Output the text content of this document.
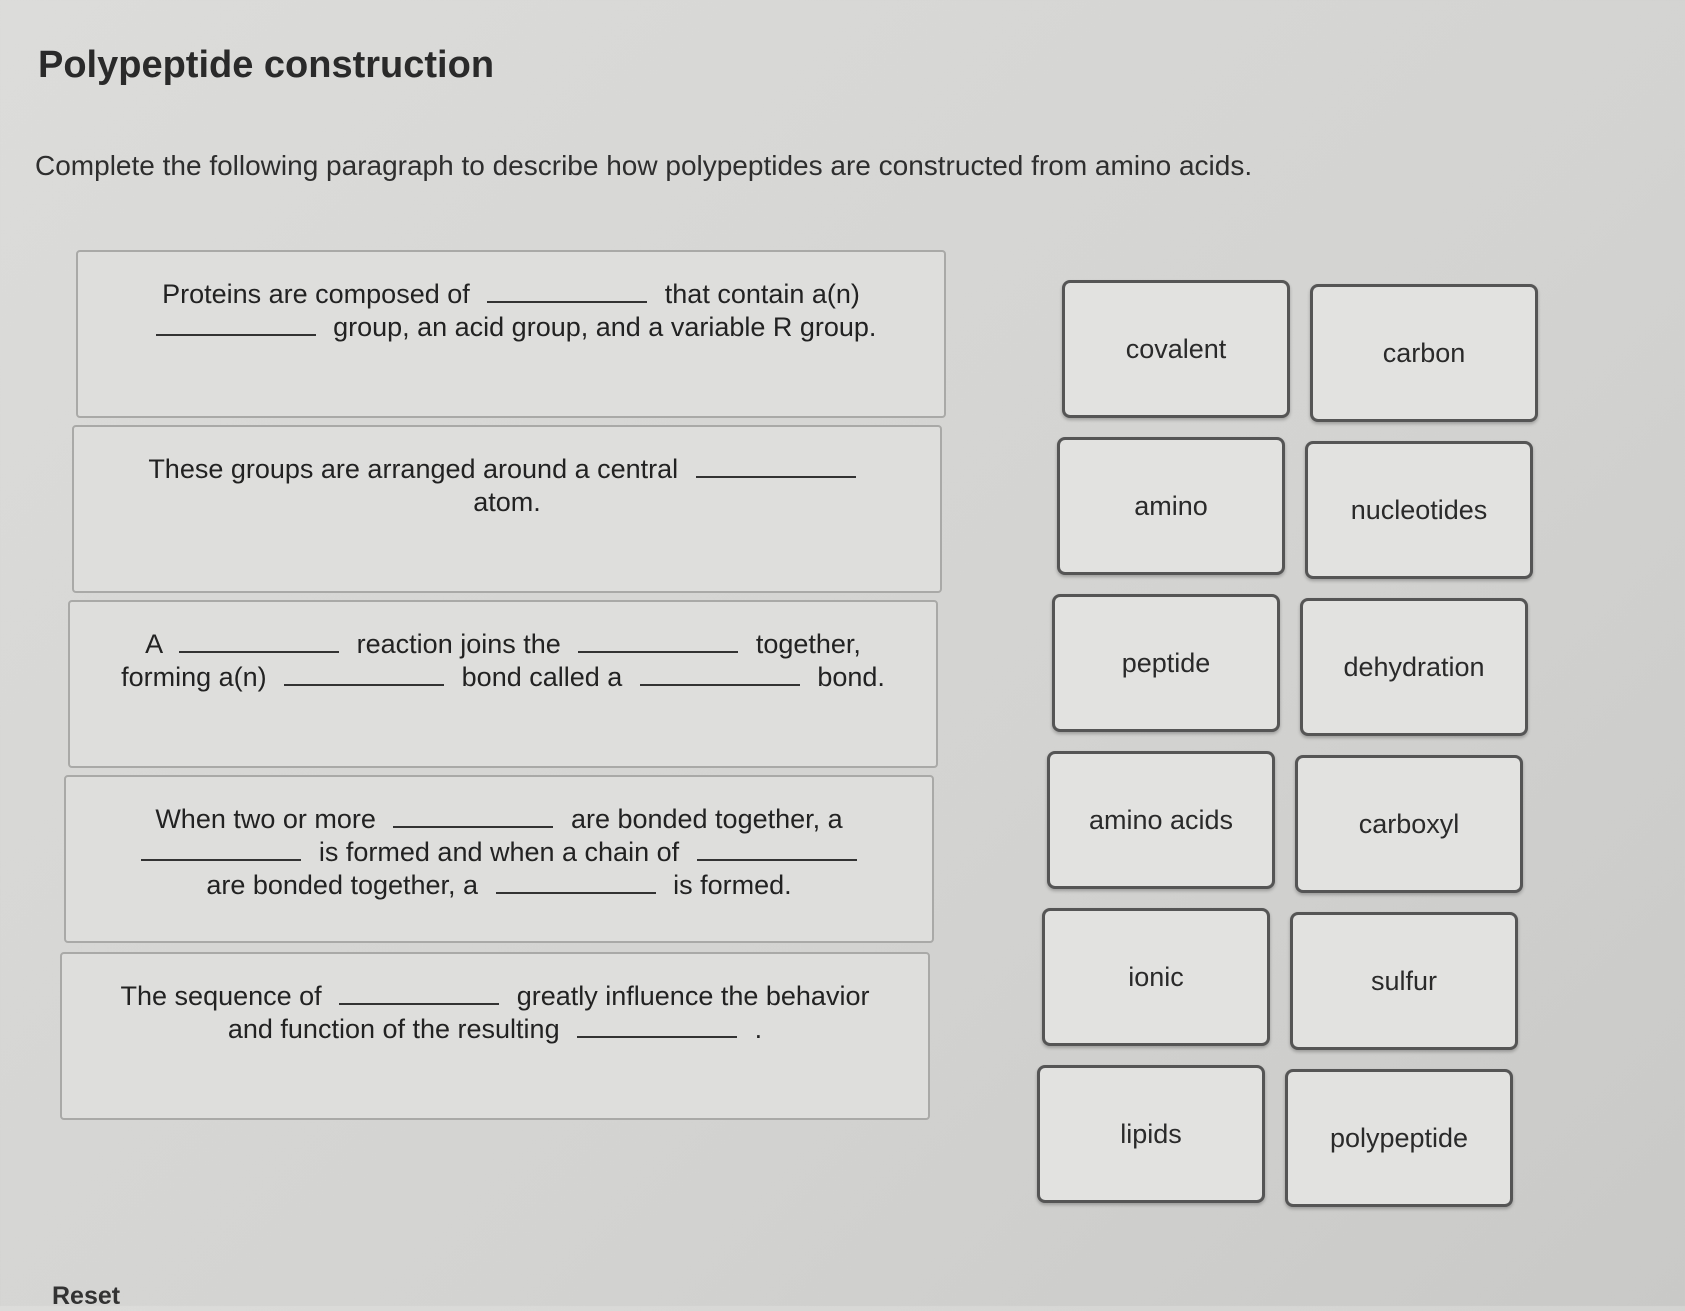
Polypeptide construction
Complete the following paragraph to describe how polypeptides are constructed from amino acids.
Proteins are composed of	that contain a(n)  group, an acid group, and a variable R group.
These groups are arranged around a central  atom.
A	reaction joins the	together, forming a(n)	bond called a	bond.
When two or more	are bonded together, a  is formed and when a chain of  are bonded together, a	is formed.
The sequence of	greatly influence the behavior and function of the resulting	.
covalent	carbon
amino	nucleotides
peptide	dehydration
amino acids	carboxyl
ionic	sulfur
lipids	polypeptide
Reset
